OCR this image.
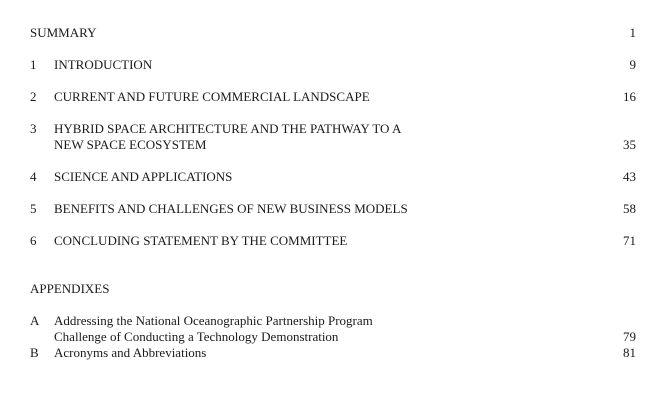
SUMMARY	1
1 INTRODUCTION	9
2 CURRENT AND FUTURE COMMERCIAL LANDSCAPE	16
3 HYBRID SPACE ARCHITECTURE AND THE PATHWAY TO A
NEW SPACE ECOSYSTEM	35
4 SCIENCE AND APPLICATIONS	43
5 BENEFITS AND CHALLENGES OF NEW BUSINESS MODELS	58
6 CONCLUDING STATEMENT BY THE COMMITTEE	71
APPENDIXES
A Addressing the National Oceanographic Partnership Program
Challenge of Conducting a Technology Demonstration	79
B Acronyms and Abbreviations	81
